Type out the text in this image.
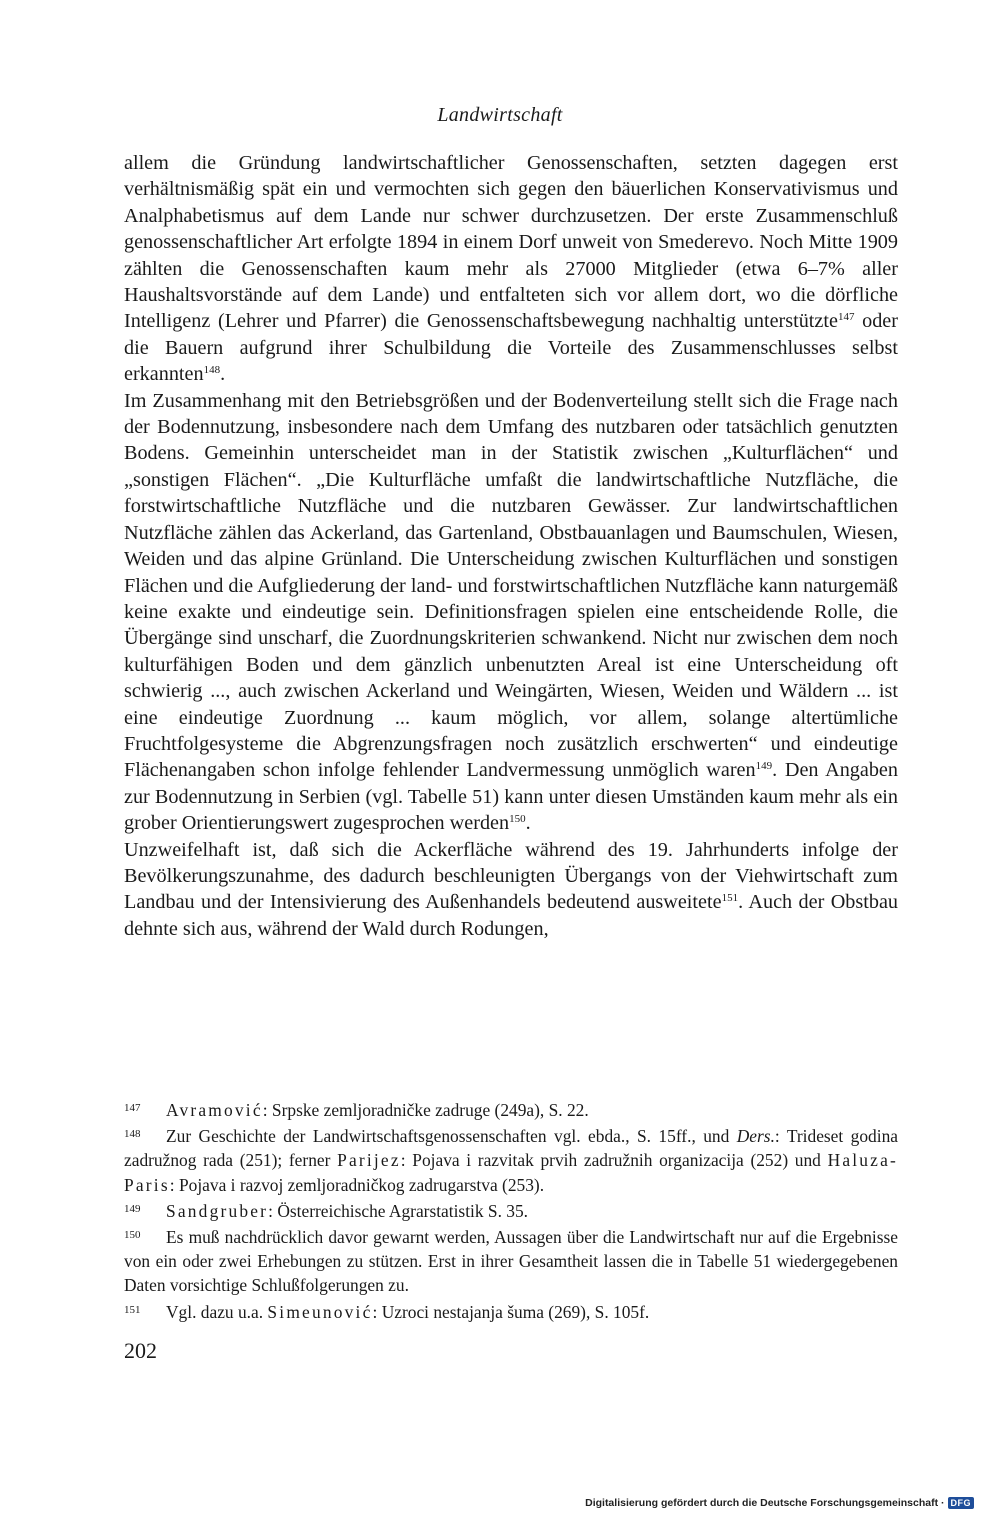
Landwirtschaft

allem die Gründung landwirtschaftlicher Genossenschaften, setzten dagegen erst verhältnismäßig spät ein und vermochten sich gegen den bäuerlichen Konservativismus und Analphabetismus auf dem Lande nur schwer durchzusetzen. Der erste Zusammenschluß genossenschaftlicher Art erfolgte 1894 in einem Dorf unweit von Smederevo. Noch Mitte 1909 zählten die Genossenschaften kaum mehr als 27000 Mitglieder (etwa 6–7% aller Haushaltsvorstände auf dem Lande) und entfalteten sich vor allem dort, wo die dörfliche Intelligenz (Lehrer und Pfarrer) die Genossenschaftsbewegung nachhaltig unterstützte$^{147}$ oder die Bauern aufgrund ihrer Schulbildung die Vorteile des Zusammenschlusses selbst erkannten$^{148}$.

Im Zusammenhang mit den Betriebsgrößen und der Bodenverteilung stellt sich die Frage nach der Bodennutzung, insbesondere nach dem Umfang des nutzbaren oder tatsächlich genutzten Bodens. Gemeinhin unterscheidet man in der Statistik zwischen „Kulturflächen“ und „sonstigen Flächen“. „Die Kulturfläche umfaßt die landwirtschaftliche Nutzfläche, die forstwirtschaftliche Nutzfläche und die nutzbaren Gewässer. Zur landwirtschaftlichen Nutzfläche zählen das Ackerland, das Gartenland, Obstbauanlagen und Baumschulen, Wiesen, Weiden und das alpine Grünland. Die Unterscheidung zwischen Kulturflächen und sonstigen Flächen und die Aufgliederung der land- und forstwirtschaftlichen Nutzfläche kann naturgemäß keine exakte und eindeutige sein. Definitionsfragen spielen eine entscheidende Rolle, die Übergänge sind unscharf, die Zuordnungskriterien schwankend. Nicht nur zwischen dem noch kulturfähigen Boden und dem gänzlich unbenutzten Areal ist eine Unterscheidung oft schwierig ..., auch zwischen Ackerland und Weingärten, Wiesen, Weiden und Wäldern ... ist eine eindeutige Zuordnung ... kaum möglich, vor allem, solange altertümliche Fruchtfolgesysteme die Abgrenzungsfragen noch zusätzlich erschwerten“ und eindeutige Flächenangaben schon infolge fehlender Landvermessung unmöglich waren$^{149}$. Den Angaben zur Bodennutzung in Serbien (vgl. Tabelle 51) kann unter diesen Umständen kaum mehr als ein grober Orientierungswert zugesprochen werden$^{150}$.

Unzweifelhaft ist, daß sich die Ackerfläche während des 19. Jahrhunderts infolge der Bevölkerungszunahme, des dadurch beschleunigten Übergangs von der Viehwirtschaft zum Landbau und der Intensivierung des Außenhandels bedeutend ausweitete$^{151}$. Auch der Obstbau dehnte sich aus, während der Wald durch Rodungen,

147 Avramović: Srpske zemljoradničke zadruge (249a), S. 22.

148 Zur Geschichte der Landwirtschaftsgenossenschaften vgl. ebda., S. 15ff., und Ders.: Trideset godina zadružnog rada (251); ferner Parijez: Pojava i razvitak prvih zadružnih organizacija (252) und Haluza-Paris: Pojava i razvoj zemljoradničkog zadrugarstva (253).

149 Sandgruber: Österreichische Agrarstatistik S. 35.

150 Es muß nachdrücklich davor gewarnt werden, Aussagen über die Landwirtschaft nur auf die Ergebnisse von ein oder zwei Erhebungen zu stützen. Erst in ihrer Gesamtheit lassen die in Tabelle 51 wiedergegebenen Daten vorsichtige Schlußfolgerungen zu.

151 Vgl. dazu u.a. Simeunović: Uzroci nestajanja šuma (269), S. 105f.

202
Digitalisierung gefördert durch die Deutsche Forschungsgemeinschaft · DFG
